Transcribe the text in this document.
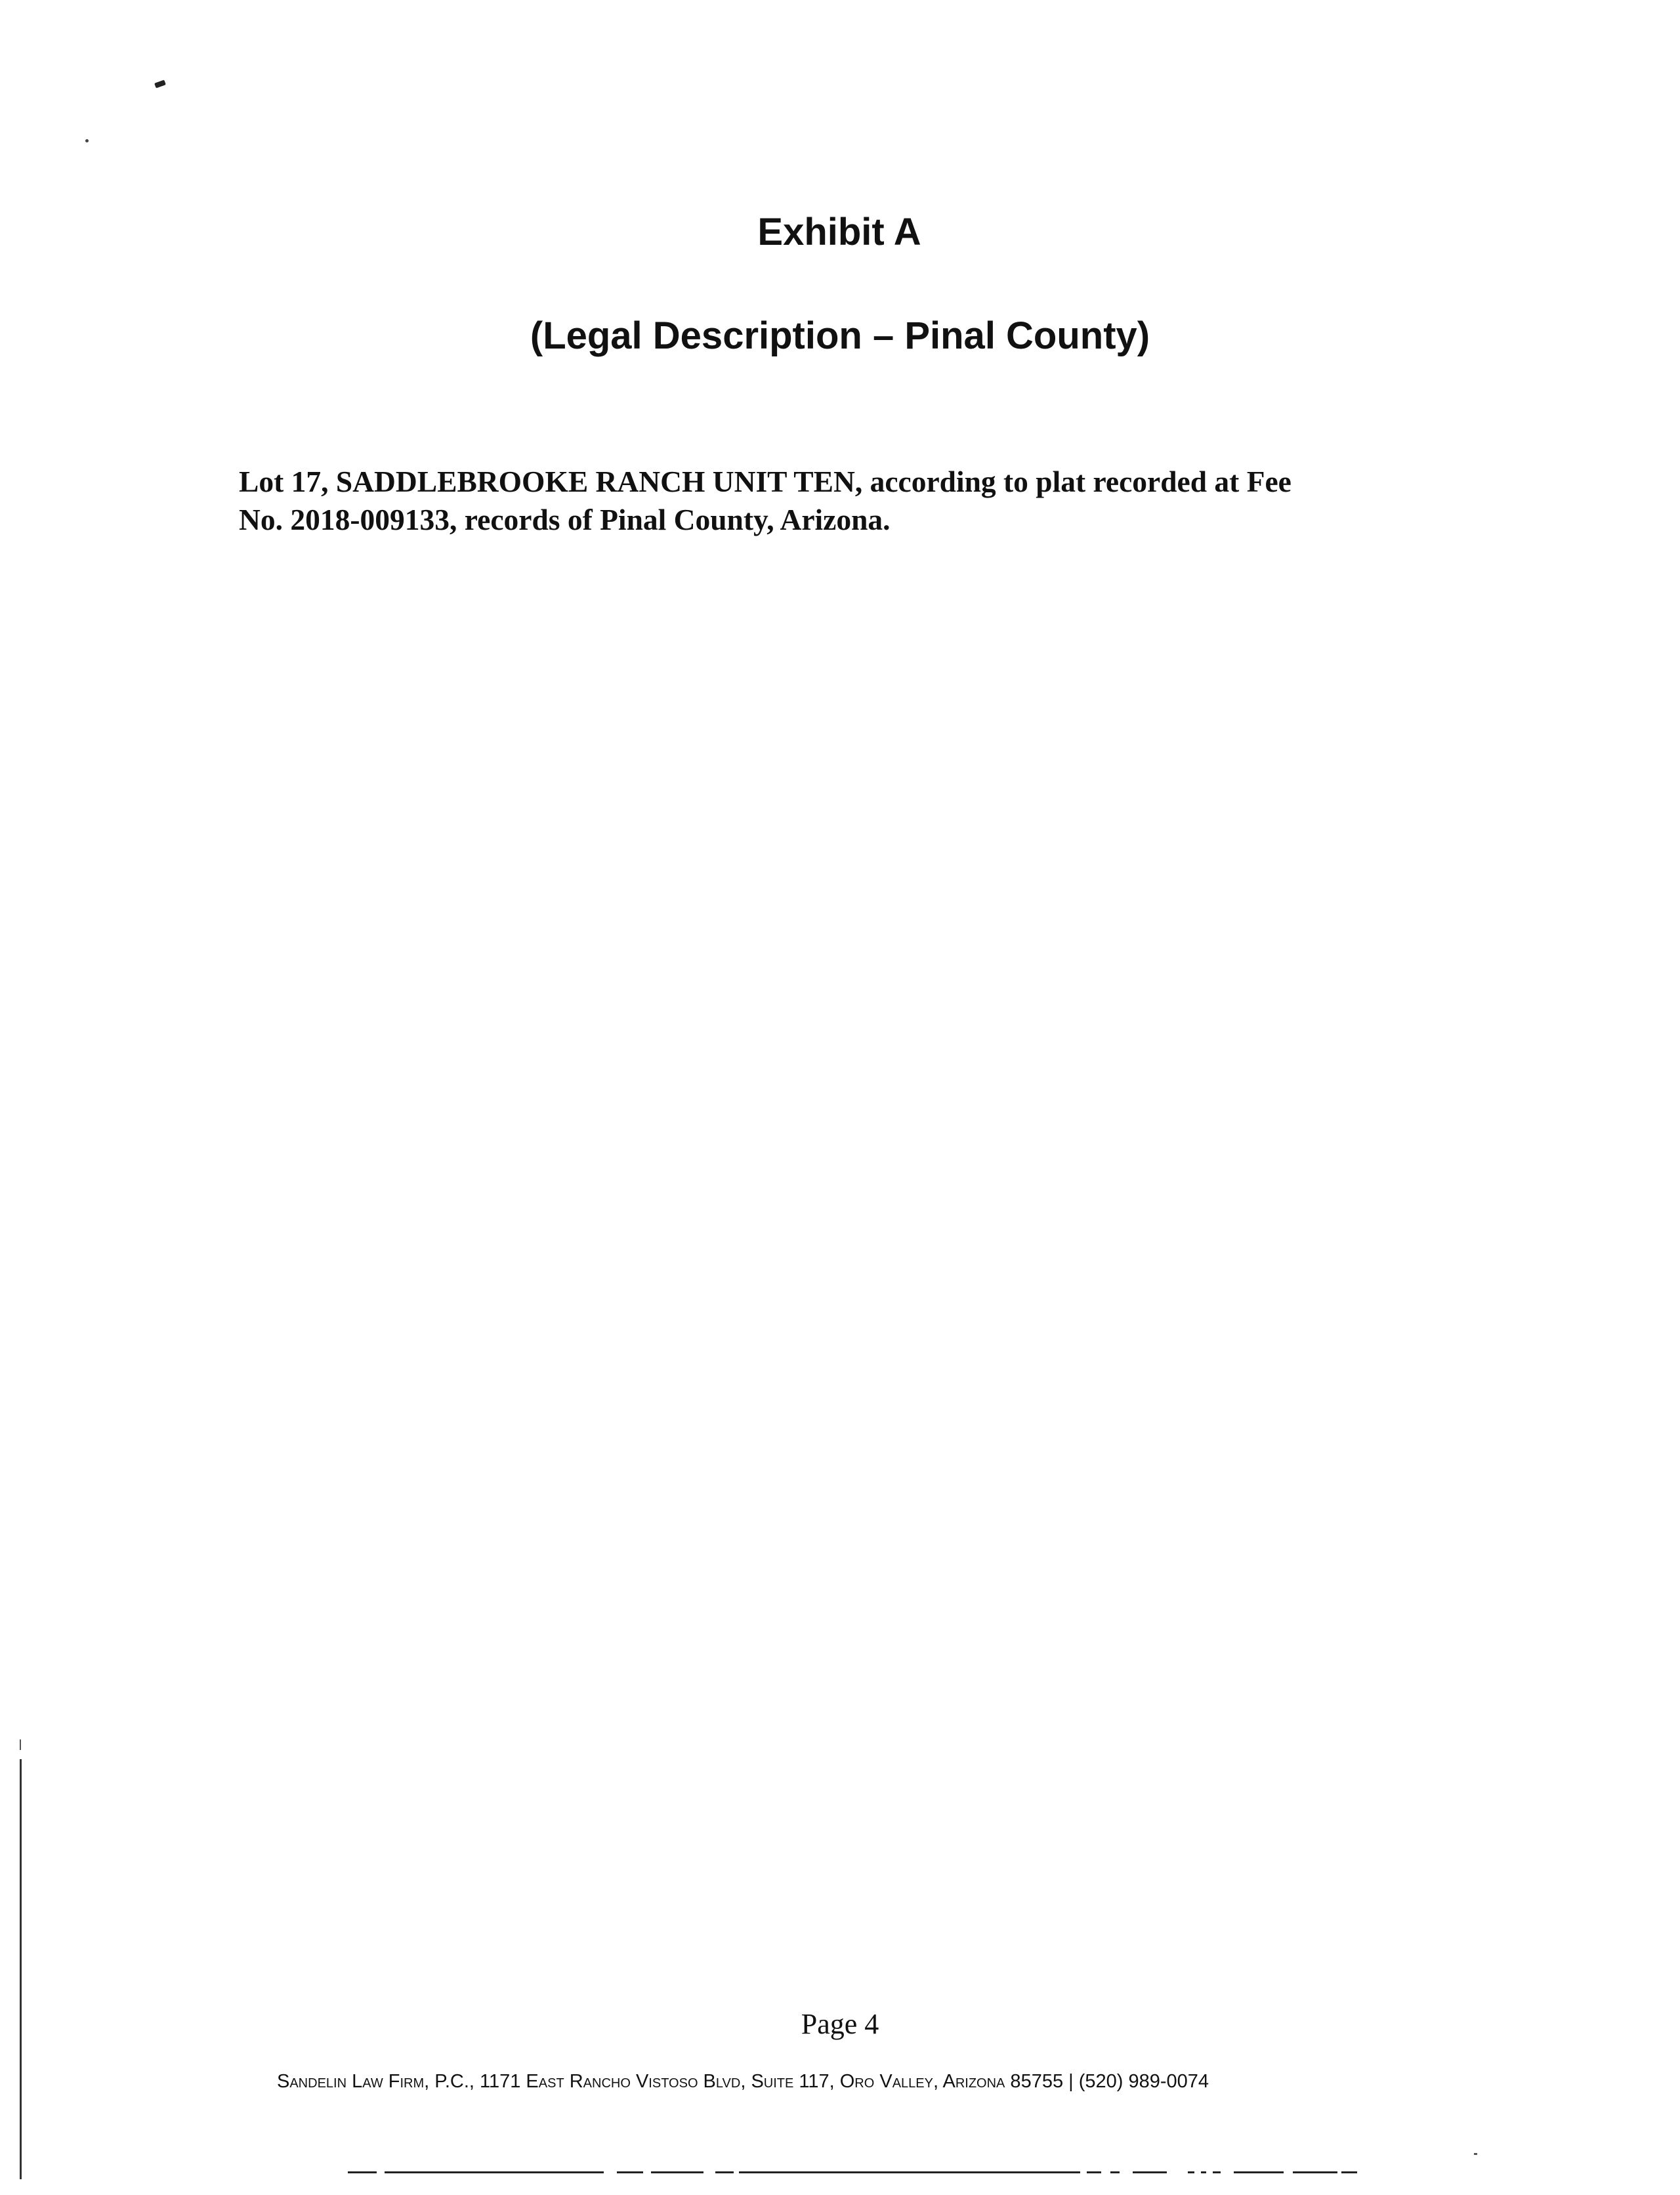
Exhibit A
(Legal Description – Pinal County)

Lot 17, SADDLEBROOKE RANCH UNIT TEN, according to plat recorded at Fee
No. 2018-009133, records of Pinal County, Arizona.

Page 4

Sandelin Law Firm, P.C., 1171 East Rancho Vistoso Blvd, Suite 117, Oro Valley, Arizona 85755 | (520) 989-0074
